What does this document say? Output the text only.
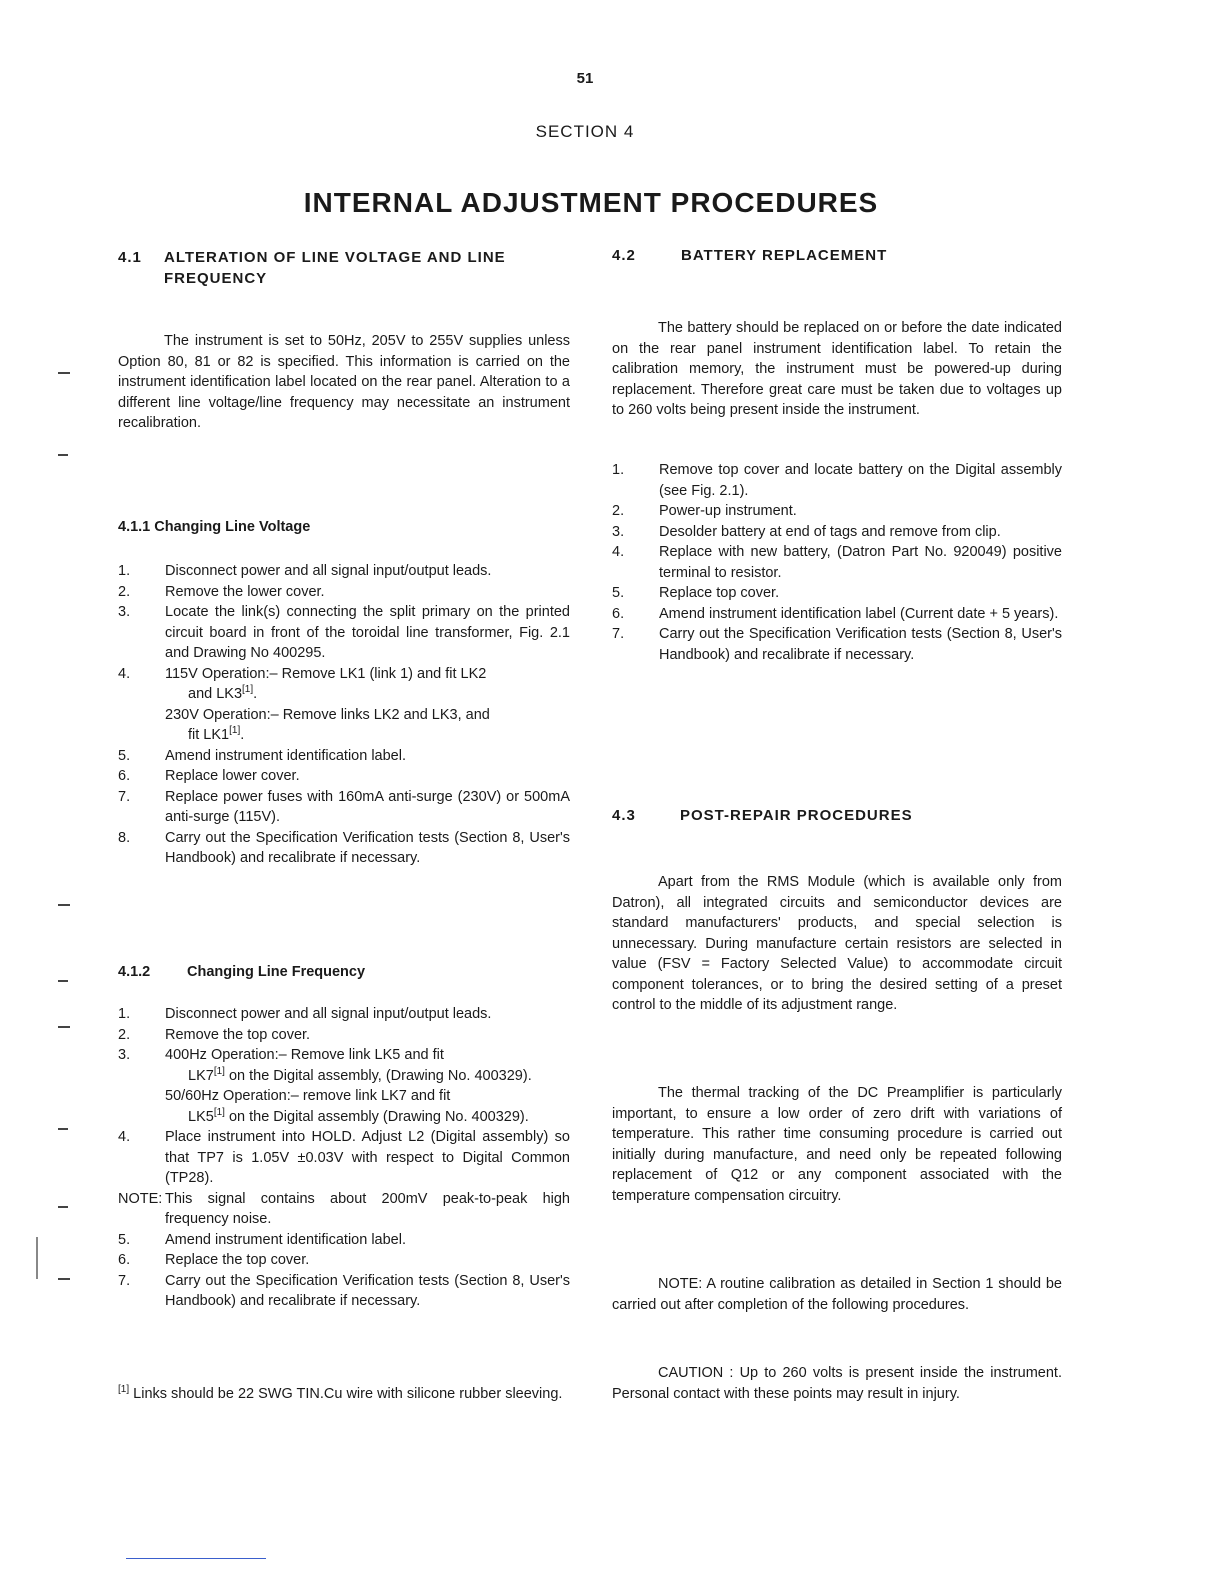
51
SECTION 4
INTERNAL ADJUSTMENT PROCEDURES
4.1 ALTERATION OF LINE VOLTAGE AND LINE
FREQUENCY

The instrument is set to 50Hz, 205V to 255V supplies unless Option 80, 81 or 82 is specified. This information is carried on the instrument identification label located on the rear panel. Alteration to a different line voltage/line frequency may necessitate an instrument recalibration.

4.1.1 Changing Line Voltage
1. Disconnect power and all signal input/output leads.
2. Remove the lower cover.
3. Locate the link(s) connecting the split primary on the printed circuit board in front of the toroidal line transformer, Fig. 2.1 and Drawing No 400295.
4. 115V Operation:– Remove LK1 (link 1) and fit LK2
and LK3[1].
230V Operation:– Remove links LK2 and LK3, and
fit LK1[1].
5. Amend instrument identification label.
6. Replace lower cover.
7. Replace power fuses with 160mA anti-surge (230V) or 500mA anti-surge (115V).
8. Carry out the Specification Verification tests (Section 8, User's Handbook) and recalibrate if necessary.
4.1.2	Changing Line Frequency
1. Disconnect power and all signal input/output leads.
2. Remove the top cover.
3. 400Hz Operation:– Remove link LK5 and fit
LK7[1] on the Digital assembly, (Drawing No. 400329).
50/60Hz Operation:– remove link LK7 and fit
LK5[1] on the Digital assembly (Drawing No. 400329).
4. Place instrument into HOLD. Adjust L2 (Digital assembly) so that TP7 is 1.05V ±0.03V with respect to Digital Common (TP28).
NOTE: This signal contains about 200mV peak-to-peak high frequency noise.
5. Amend instrument identification label.
6. Replace the top cover.
7. Carry out the Specification Verification tests (Section 8, User's Handbook) and recalibrate if necessary.
[1] Links should be 22 SWG TIN.Cu wire with silicone rubber sleeving.
4.2	BATTERY REPLACEMENT

The battery should be replaced on or before the date indicated on the rear panel instrument identification label. To retain the calibration memory, the instrument must be powered-up during replacement. Therefore great care must be taken due to voltages up to 260 volts being present inside the instrument.

1. Remove top cover and locate battery on the Digital assembly (see Fig. 2.1).
2. Power-up instrument.
3. Desolder battery at end of tags and remove from clip.
4. Replace with new battery, (Datron Part No. 920049) positive terminal to resistor.
5. Replace top cover.
6. Amend instrument identification label (Current date + 5 years).
7. Carry out the Specification Verification tests (Section 8, User's Handbook) and recalibrate if necessary.
4.3	POST-REPAIR PROCEDURES

Apart from the RMS Module (which is available only from Datron), all integrated circuits and semiconductor devices are standard manufacturers' products, and special selection is unnecessary. During manufacture certain resistors are selected in value (FSV = Factory Selected Value) to accommodate circuit component tolerances, or to bring the desired setting of a preset control to the middle of its adjustment range.

The thermal tracking of the DC Preamplifier is particularly important, to ensure a low order of zero drift with variations of temperature. This rather time consuming procedure is carried out initially during manufacture, and need only be repeated following replacement of Q12 or any component associated with the temperature compensation circuitry.

NOTE: A routine calibration as detailed in Section 1 should be carried out after completion of the following procedures.

CAUTION : Up to 260 volts is present inside the instrument. Personal contact with these points may result in injury.
